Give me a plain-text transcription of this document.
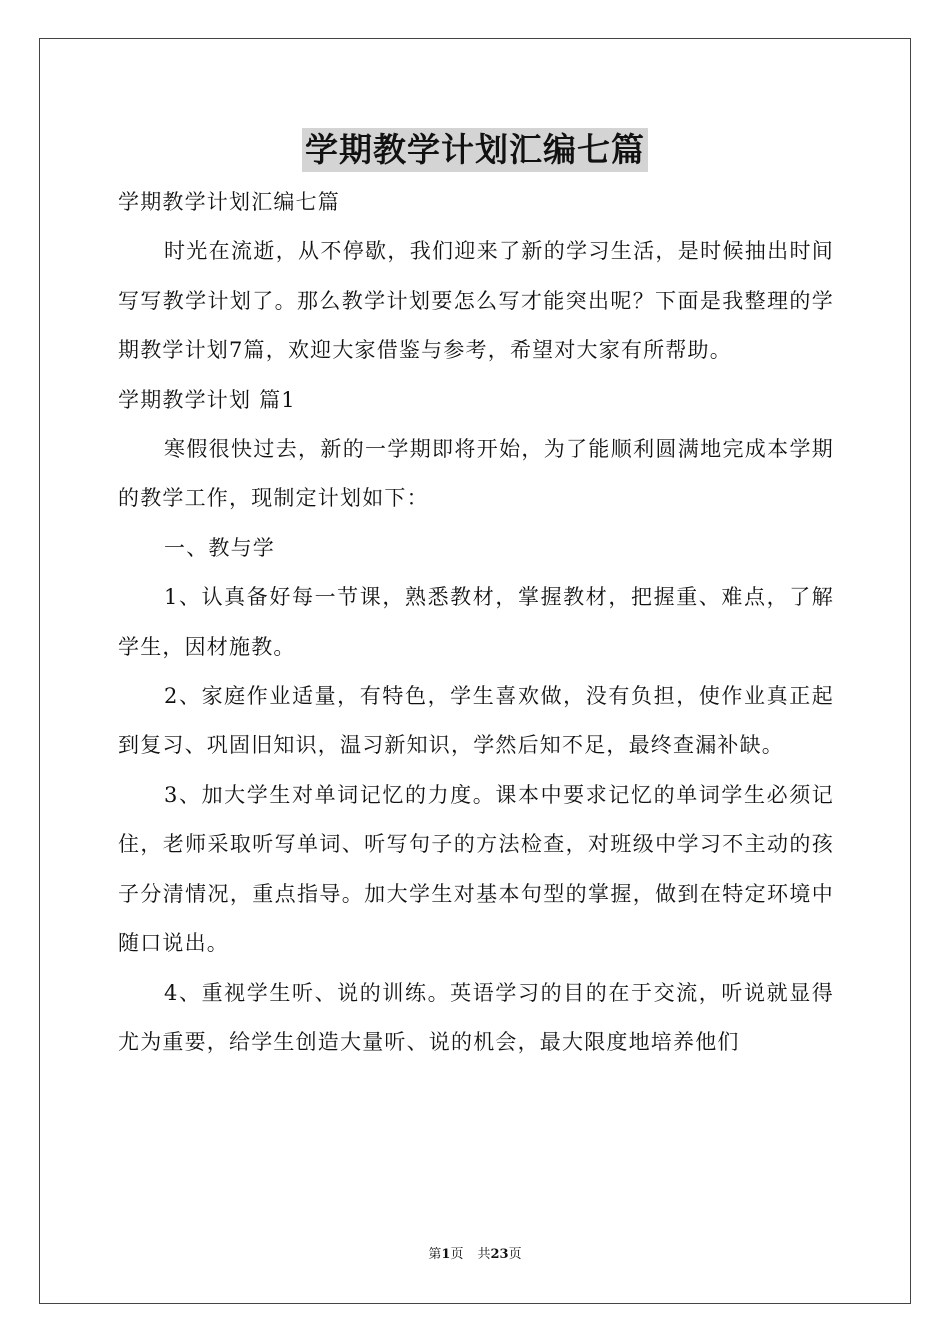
学期教学计划汇编七篇

学期教学计划汇编七篇

时光在流逝，从不停歇，我们迎来了新的学习生活，是时候抽出时间写写教学计划了。那么教学计划要怎么写才能突出呢？下面是我整理的学期教学计划7篇，欢迎大家借鉴与参考，希望对大家有所帮助。

学期教学计划 篇1

寒假很快过去，新的一学期即将开始，为了能顺利圆满地完成本学期的教学工作，现制定计划如下：

一、教与学

1、认真备好每一节课，熟悉教材，掌握教材，把握重、难点，了解学生，因材施教。

2、家庭作业适量，有特色，学生喜欢做，没有负担，使作业真正起到复习、巩固旧知识，温习新知识，学然后知不足，最终查漏补缺。

3、加大学生对单词记忆的力度。课本中要求记忆的单词学生必须记住，老师采取听写单词、听写句子的方法检查，对班级中学习不主动的孩子分清情况，重点指导。加大学生对基本句型的掌握，做到在特定环境中随口说出。

4、重视学生听、说的训练。英语学习的目的在于交流，听说就显得尤为重要，给学生创造大量听、说的机会，最大限度地培养他们

第1页 共23页
